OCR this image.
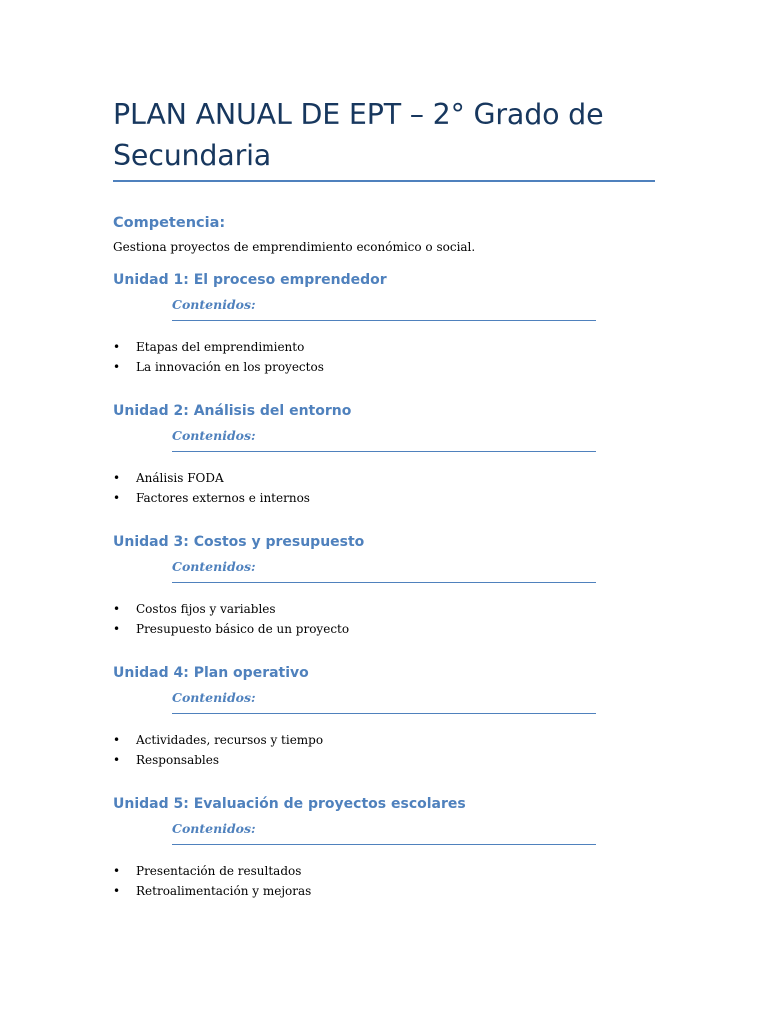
PLAN ANUAL DE EPT – 2° Grado de Secundaria
Competencia:

Gestiona proyectos de emprendimiento económico o social.

Unidad 1: El proceso emprendedor
Contenidos:
• Etapas del emprendimiento
• La innovación en los proyectos
Unidad 2: Análisis del entorno
Contenidos:
• Análisis FODA
• Factores externos e internos
Unidad 3: Costos y presupuesto
Contenidos:
• Costos fijos y variables
• Presupuesto básico de un proyecto
Unidad 4: Plan operativo
Contenidos:
• Actividades, recursos y tiempo
• Responsables
Unidad 5: Evaluación de proyectos escolares
Contenidos:
• Presentación de resultados
• Retroalimentación y mejoras
